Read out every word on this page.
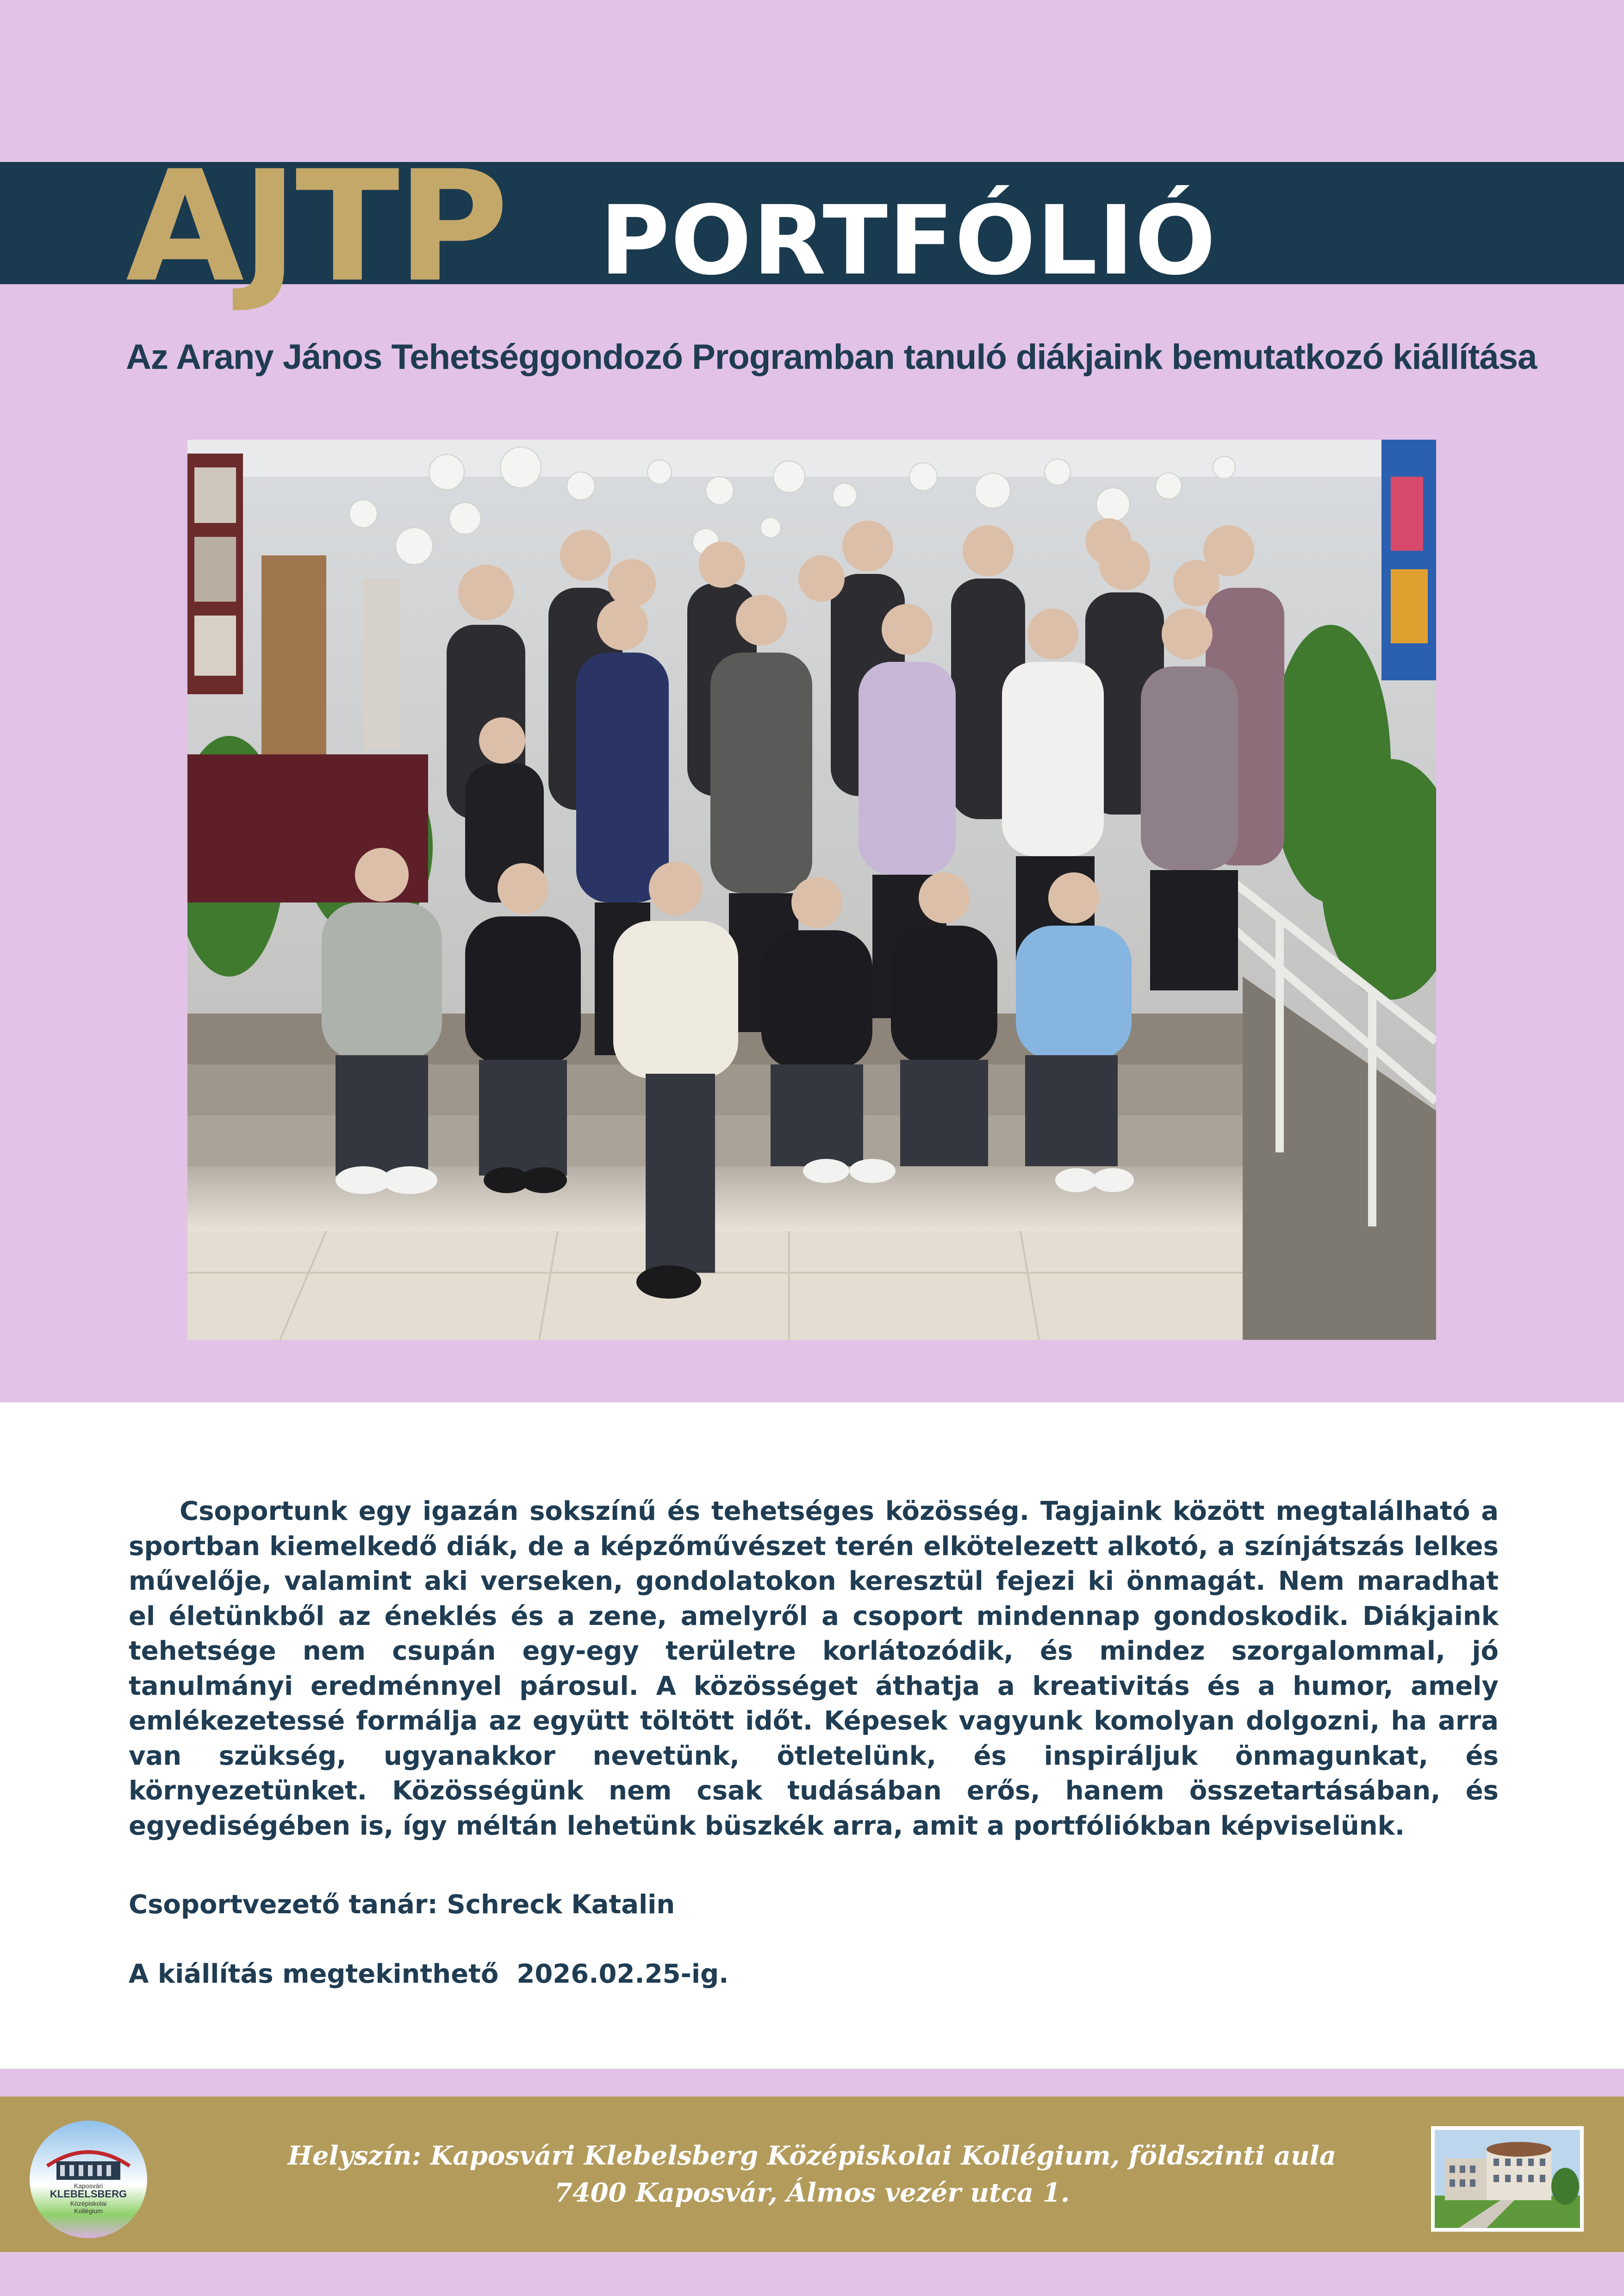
AJTP PORTFÓLIÓ
Az Arany János Tehetséggondozó Programban tanuló diákjaink bemutatkozó kiállítása

Csoportunk egy igazán sokszínű és tehetséges közösség. Tagjaink között megtalálható a sportban kiemelkedő diák, de a képzőművészet terén elkötelezett alkotó, a színjátszás lelkes művelője, valamint aki verseken, gondolatokon keresztül fejezi ki önmagát. Nem maradhat el életünkből az éneklés és a zene, amelyről a csoport mindennap gondoskodik. Diákjaink tehetsége nem csupán egy-egy területre korlátozódik, és mindez szorgalommal, jó tanulmányi eredménnyel párosul. A közösséget áthatja a kreativitás és a humor, amely emlékezetessé formálja az együtt töltött időt. Képesek vagyunk komolyan dolgozni, ha arra van szükség, ugyanakkor nevetünk, ötletelünk, és inspiráljuk önmagunkat, és környezetünket. Közösségünk nem csak tudásában erős, hanem összetartásában, és egyediségében is, így méltán lehetünk büszkék arra, amit a portfóliókban képviselünk.

Csoportvezető tanár: Schreck Katalin
A kiállítás megtekinthető  2026.02.25-ig.
Helyszín: Kaposvári Klebelsberg Középiskolai Kollégium, földszinti aula
7400 Kaposvár, Álmos vezér utca 1.
Kaposvári
KLEBELSBERG
Középiskolai
Kollégium
